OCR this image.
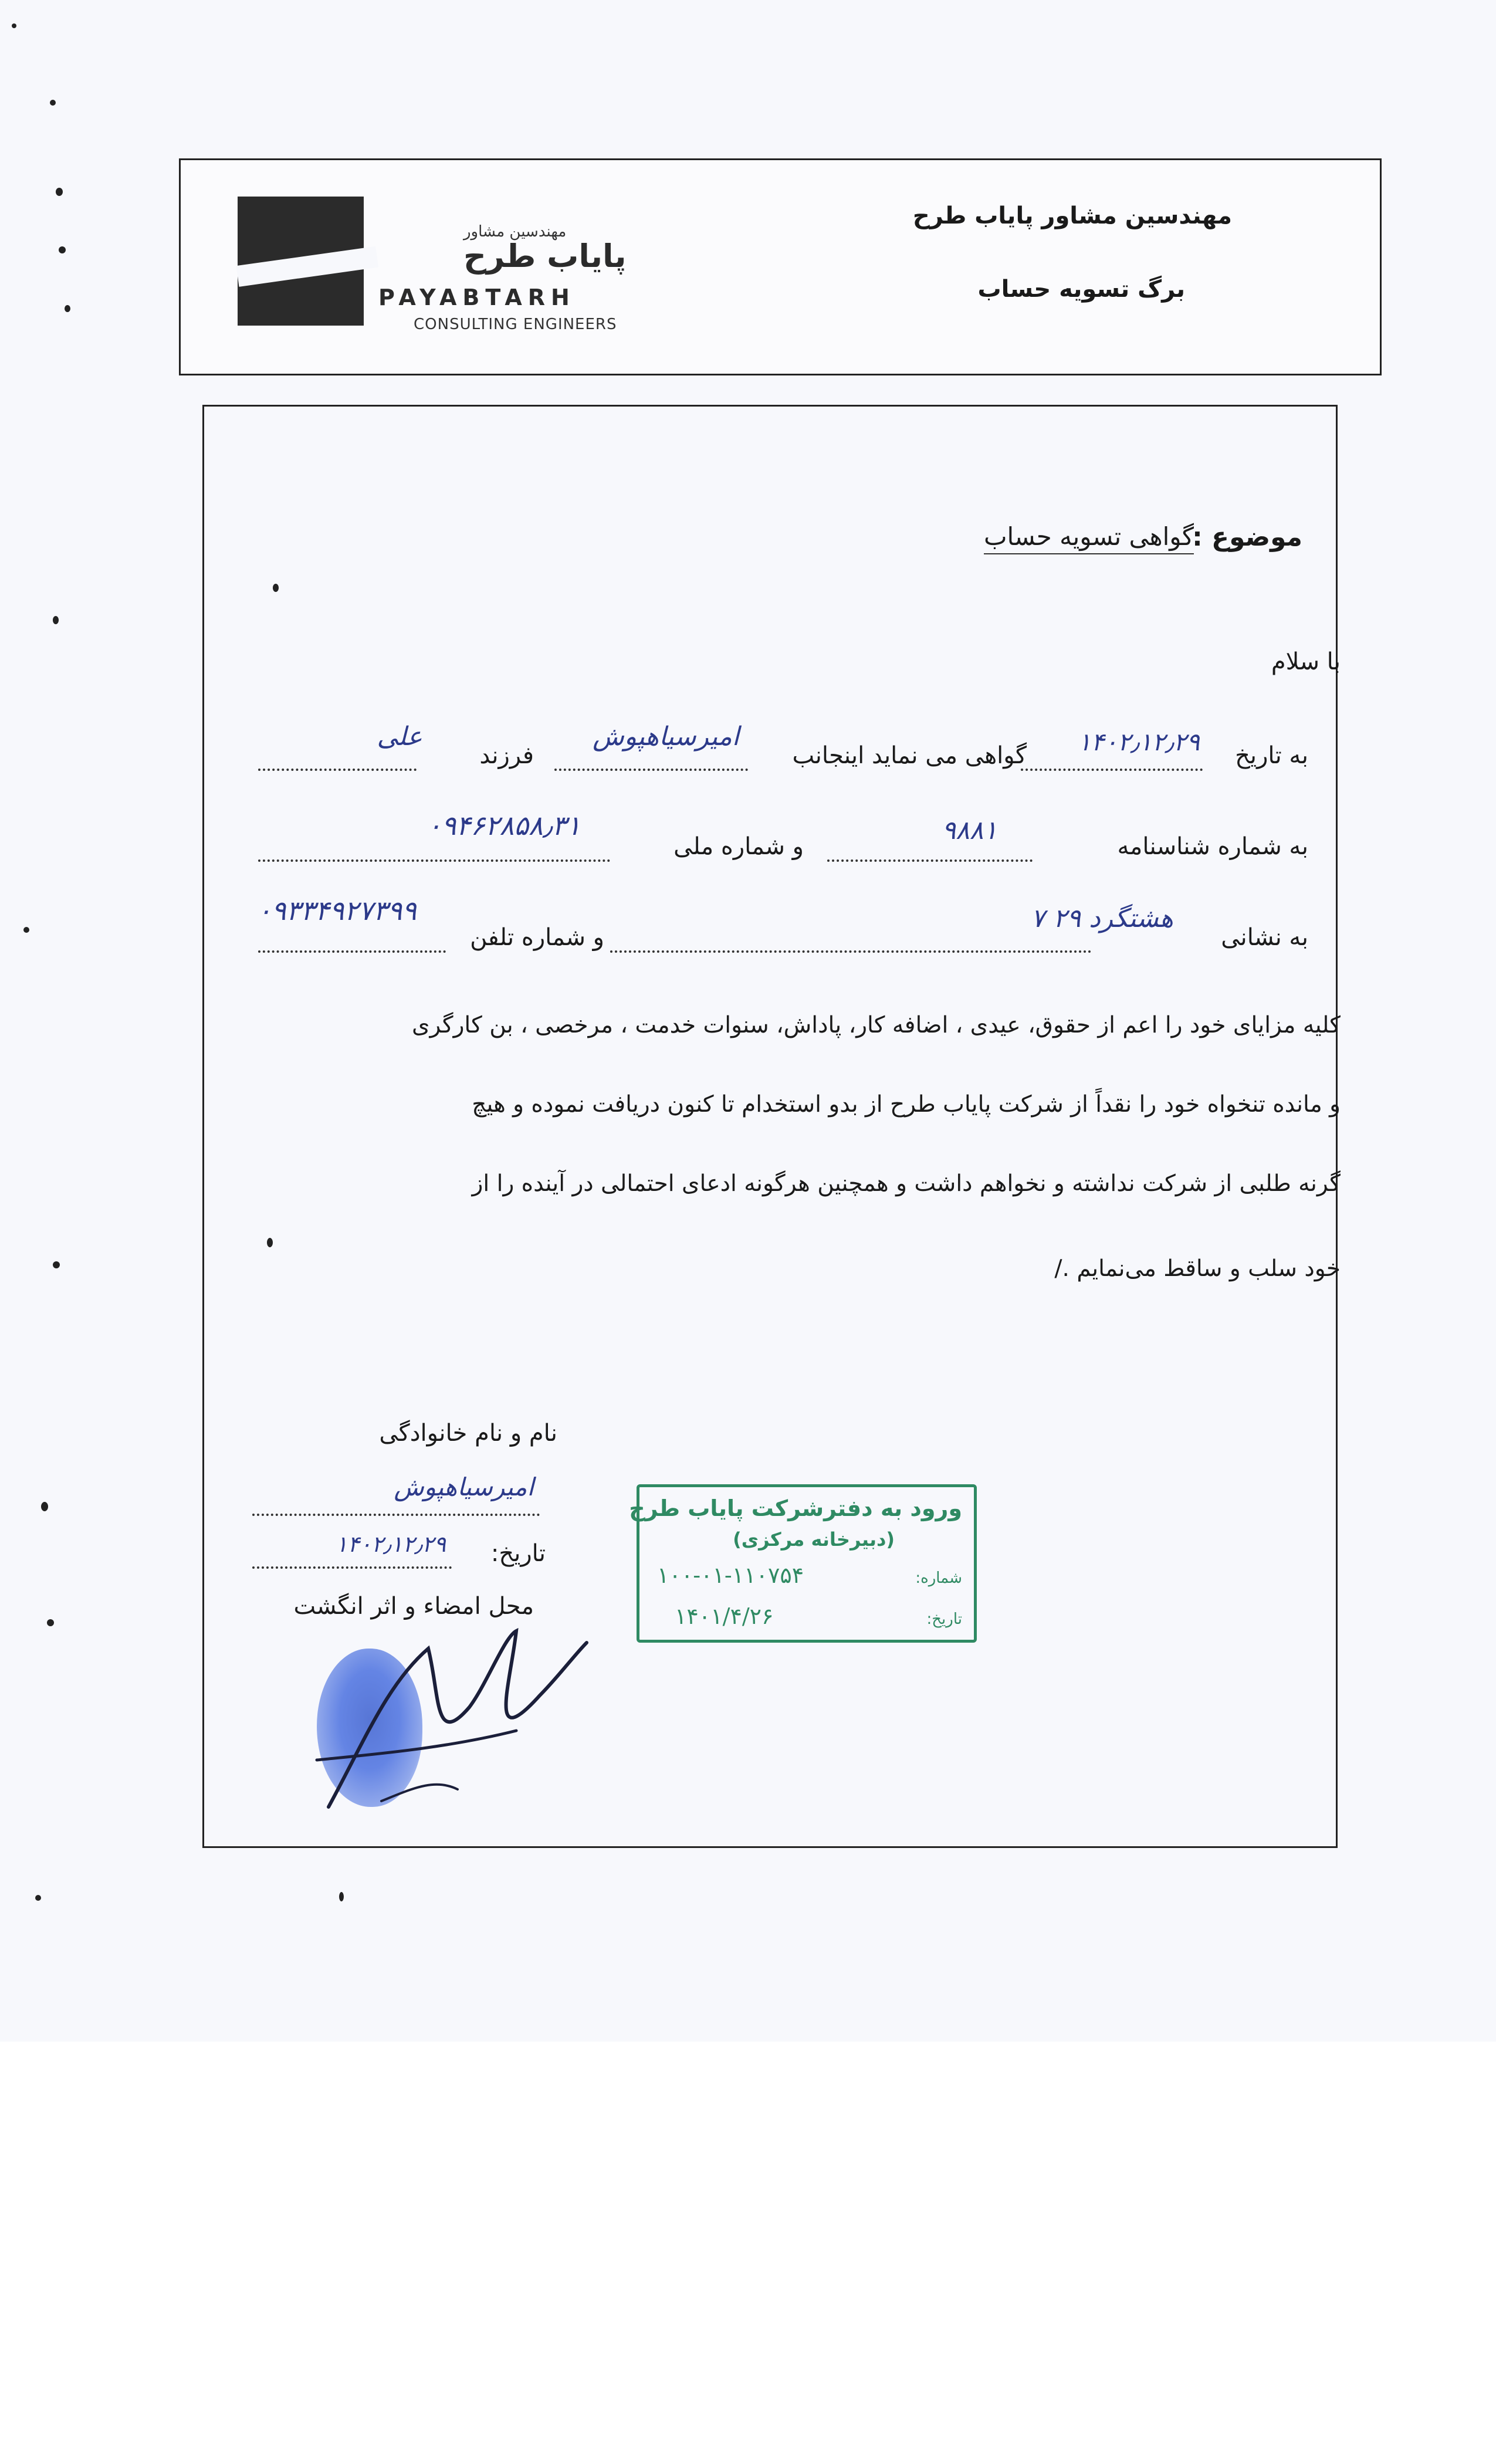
مهندسین مشاور
پایاب طرح
PAYABTARH
CONSULTING ENGINEERS
مهندسین مشاور پایاب طرح
برگ تسویه حساب
موضوع :
گواهی تسویه حساب
با سلام
به تاریخ
۱۴۰۲٫۱۲٫۲۹
گواهی می نماید اینجانب
امیرسیاهپوش
فرزند
علی
به شماره شناسنامه
۹۸۸۱
و شماره ملی
۰۹۴۶۲۸۵۸٫۳۱
به نشانی
هشتگرد ۲۹ ۷
و شماره تلفن
۰۹۳۳۴۹۲۷۳۹۹
کلیه مزایای خود را اعم از حقوق، عیدی ، اضافه کار، پاداش، سنوات خدمت ، مرخصی ، بن کارگری
و مانده تنخواه خود را نقداً از شرکت پایاب طرح از بدو استخدام تا کنون دریافت نموده و هیچ
گرنه طلبی از شرکت نداشته و نخواهم داشت و همچنین هرگونه ادعای احتمالی در آینده را از
خود سلب و ساقط می‌نمایم ./
نام و نام خانوادگی
امیرسیاهپوش
تاریخ:
۱۴۰۲٫۱۲٫۲۹
محل امضاء و اثر انگشت
ورود به دفترشرکت پایاب طرح
(دبیرخانه مرکزی)
شماره:
۱۰۰-۰۱-۱۱۰۷۵۴
تاریخ:
۱۴۰۱/۴/۲۶
